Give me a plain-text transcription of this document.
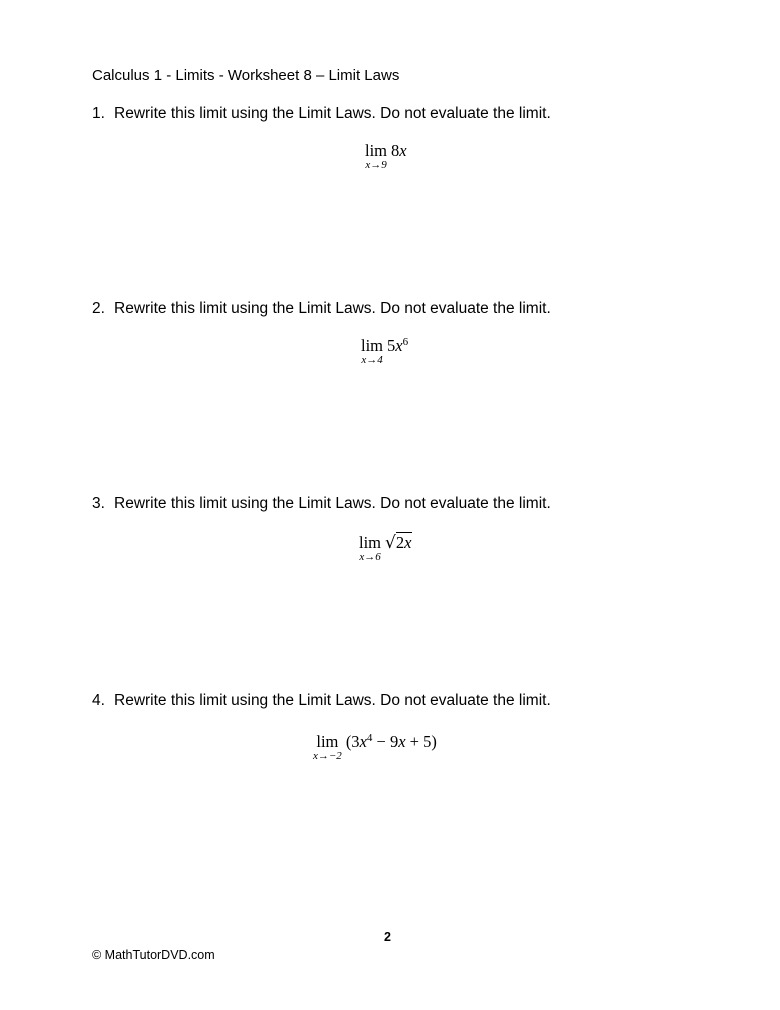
Calculus 1 - Limits - Worksheet 8 – Limit Laws
1. Rewrite this limit using the Limit Laws. Do not evaluate the limit.
lim
x→9
8x
2. Rewrite this limit using the Limit Laws. Do not evaluate the limit.
lim
x→4
$5x^6$
3. Rewrite this limit using the Limit Laws. Do not evaluate the limit.
lim
x→6
√2x
4. Rewrite this limit using the Limit Laws. Do not evaluate the limit.
lim
x→−2
$(3x^4 - 9x + 5)$
2
© MathTutorDVD.com
